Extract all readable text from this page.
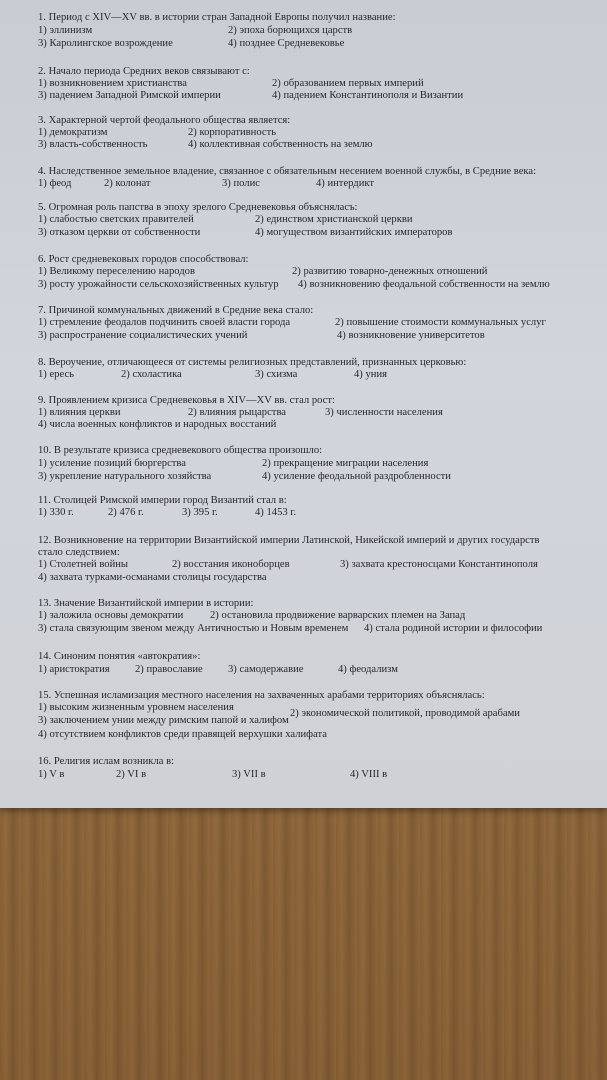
1. Период с XIV—XV вв. в истории стран Западной Европы получил название:
1) эллинизм	2) эпоха борющихся царств
3) Каролингское возрождение	4) позднее Средневековье
2. Начало периода Средних веков связывают с:
1) возникновением христианства	2) образованием первых империй
3) падением Западной Римской империи	4) падением Константинополя и Византии
3. Характерной чертой феодального общества является:
1) демократизм	2) корпоративность
3) власть-собственность	4) коллективная собственность на землю
4. Наследственное земельное владение, связанное с обязательным несением военной службы, в Средние века:
1) феод	2) колонат	3) полис	4) интердикт
5. Огромная роль папства в эпоху зрелого Средневековья объясняласъ:
1) слабостью светских правителей	2) единством христианской церкви
3) отказом церкви от собственности	4) могуществом византийских императоров
6. Рост средневековых городов способствовал:
1) Великому переселению народов	2) развитию товарно-денежных отношений
3) росту урожайности сельскохозяйственных культур 4) возникновению феодальной собственности на землю
7. Причиной коммунальных движений в Средние века стало:
1) стремление феодалов подчинить своей власти города	2) повышение стоимости коммунальных услуг
3) распространение социалистических учений	4) возникновение университетов
8. Вероучение, отличающееся от системы религиозных представлений, признанных церковью:
1) ересь	2) схоластика	3) схизма	4) уния
9. Проявлением кризиса Средневековья в XIV—XV вв. стал рост:
1) влияния церкви	2) влияния рыцарства	3) численности населения
4) числа военных конфликтов и народных восстаний
10. В результате кризиса средневекового общества произошло:
1) усиление позиций бюргерства	2) прекращение миграции населения
3) укрепление натурального хозяйства	4) усиление феодальной раздробленности
11. Столицей Римской империи город Византий стал в:
1) 330 г.	2) 476 г.	3) 395 г.	4) 1453 г.
12. Возникновение на территории Византийской империи Латинской, Никейской империй и других государств
стало следствием:
1) Столетней войны	2) восстания иконоборцев	3) захвата крестоносцами Константинополя
4) захвата турками-османами столицы государства
13. Значение Византийской империи в истории:
1) заложила основы демократии	2) остановила продвижение варварских племен на Запад
3) стала связующим звеном между Античностью и Новым временем 4) стала родиной истории и философии
14. Синоним понятия «автократия»:
1) аристократия 2) православие 3) самодержавие	4) феодализм
15. Успешная исламизация местного населения на захваченных арабами территориях объяснялась:
1) высоким жизненным уровнем населения
2) экономической политикой, проводимой арабами
3) заключением унии между римским папой и халифом
4) отсутствием конфликтов среди правящей верхушки халифата
16. Религия ислам возникла в:
1) V в	2) VI в	3) VII в	4) VIII в
